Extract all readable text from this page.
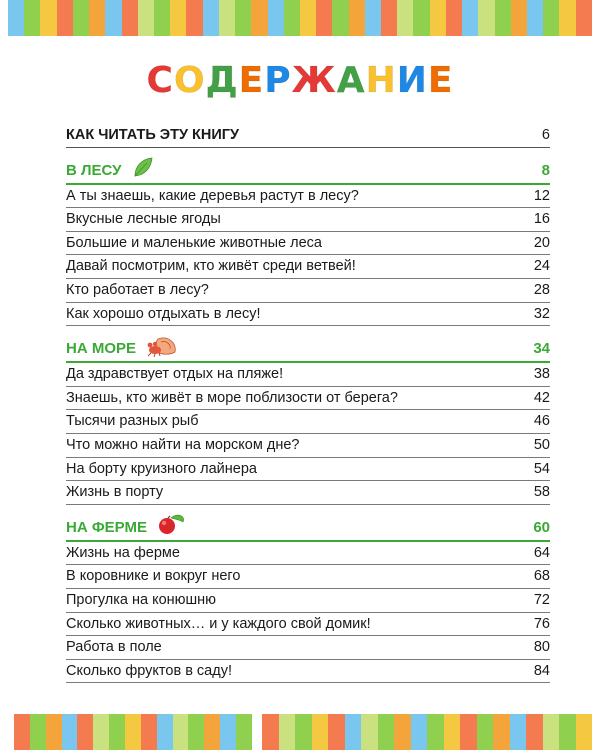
СОДЕРЖАНИЕ
КАК ЧИТАТЬ ЭТУ КНИГУ	6
В ЛЕСУ	8
А ты знаешь, какие деревья растут в лесу?	12
Вкусные лесные ягоды	16
Большие и маленькие животные леса	20
Давай посмотрим, кто живёт среди ветвей!	24
Кто работает в лесу?	28
Как хорошо отдыхать в лесу!	32
НА МОРЕ	34
Да здравствует отдых на пляже!	38
Знаешь, кто живёт в море поблизости от берега?	42
Тысячи разных рыб	46
Что можно найти на морском дне?	50
На борту круизного лайнера	54
Жизнь в порту	58
НА ФЕРМЕ	60
Жизнь на ферме	64
В коровнике и вокруг него	68
Прогулка на конюшню	72
Сколько животных… и у каждого свой домик!	76
Работа в поле	80
Сколько фруктов в саду!	84
